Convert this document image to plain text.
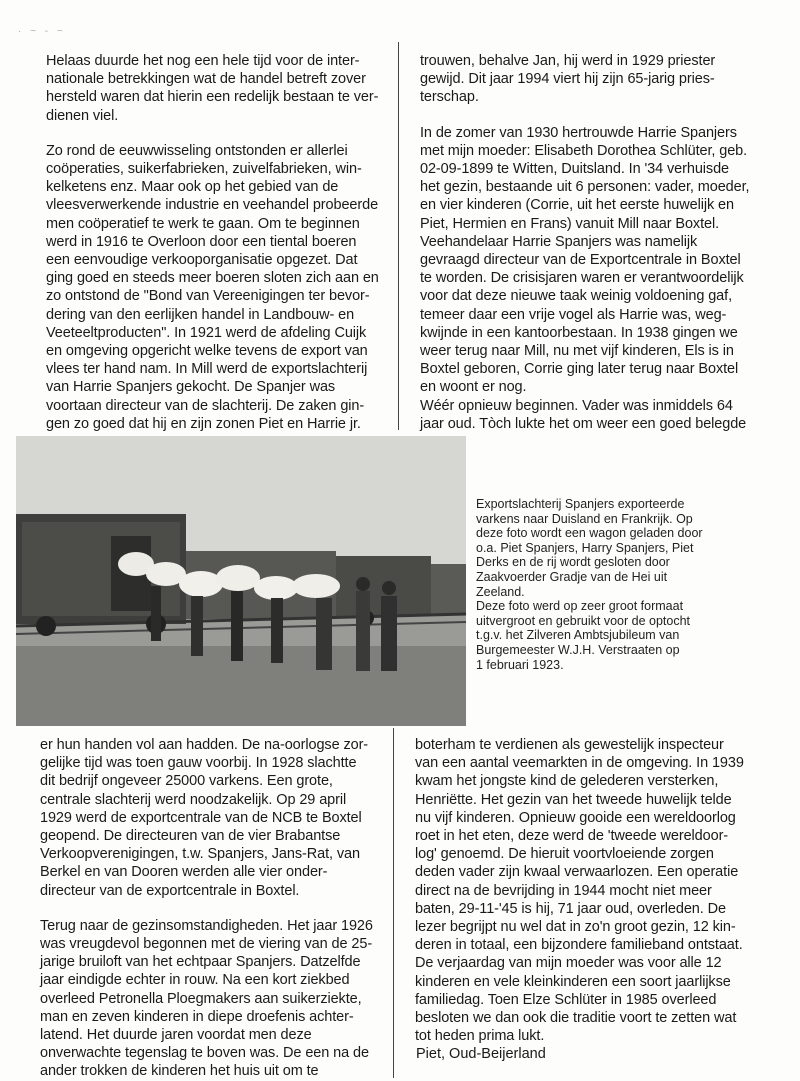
· ~ - ~

Helaas duurde het nog een hele tijd voor de inter-
nationale betrekkingen wat de handel betreft zover
hersteld waren dat hierin een redelijk bestaan te ver-
dienen viel.

Zo rond de eeuwwisseling ontstonden er allerlei
coöperaties, suikerfabrieken, zuivelfabrieken, win-
kelketens enz. Maar ook op het gebied van de
vleesverwerkende industrie en veehandel probeerde
men coöperatief te werk te gaan. Om te beginnen
werd in 1916 te Overloon door een tiental boeren
een eenvoudige verkooporganisatie opgezet. Dat
ging goed en steeds meer boeren sloten zich aan en
zo ontstond de "Bond van Vereenigingen ter bevor-
dering van den eerlijken handel in Landbouw- en
Veeteeltproducten". In 1921 werd de afdeling Cuijk
en omgeving opgericht welke tevens de export van
vlees ter hand nam. In Mill werd de exportslachterij
van Harrie Spanjers gekocht. De Spanjer was
voortaan directeur van de slachterij. De zaken gin-
gen zo goed dat hij en zijn zonen Piet en Harrie jr.

trouwen, behalve Jan, hij werd in 1929 priester
gewijd. Dit jaar 1994 viert hij zijn 65-jarig pries-
terschap.

In de zomer van 1930 hertrouwde Harrie Spanjers
met mijn moeder: Elisabeth Dorothea Schlüter, geb.
02-09-1899 te Witten, Duitsland. In '34 verhuisde
het gezin, bestaande uit 6 personen: vader, moeder,
en vier kinderen (Corrie, uit het eerste huwelijk en
Piet, Hermien en Frans) vanuit Mill naar Boxtel.
Veehandelaar Harrie Spanjers was namelijk
gevraagd directeur van de Exportcentrale in Boxtel
te worden. De crisisjaren waren er verantwoordelijk
voor dat deze nieuwe taak weinig voldoening gaf,
temeer daar een vrije vogel als Harrie was, weg-
kwijnde in een kantoorbestaan. In 1938 gingen we
weer terug naar Mill, nu met vijf kinderen, Els is in
Boxtel geboren, Corrie ging later terug naar Boxtel
en woont er nog.
Wéér opnieuw beginnen. Vader was inmiddels 64
jaar oud. Tòch lukte het om weer een goed belegde

Exportslachterij Spanjers exporteerde
varkens naar Duisland en Frankrijk. Op
deze foto wordt een wagon geladen door
o.a. Piet Spanjers, Harry Spanjers, Piet
Derks en de rij wordt gesloten door
Zaakvoerder Gradje van de Hei uit
Zeeland.
Deze foto werd op zeer groot formaat
uitvergroot en gebruikt voor de optocht
t.g.v. het Zilveren Ambtsjubileum van
Burgemeester W.J.H. Verstraaten op
1 februari 1923.

er hun handen vol aan hadden. De na-oorlogse zor-
gelijke tijd was toen gauw voorbij. In 1928 slachtte
dit bedrijf ongeveer 25000 varkens. Een grote,
centrale slachterij werd noodzakelijk. Op 29 april
1929 werd de exportcentrale van de NCB te Boxtel
geopend. De directeuren van de vier Brabantse
Verkoopverenigingen, t.w. Spanjers, Jans-Rat, van
Berkel en van Dooren werden alle vier onder-
directeur van de exportcentrale in Boxtel.

Terug naar de gezinsomstandigheden. Het jaar 1926
was vreugdevol begonnen met de viering van de 25-
jarige bruiloft van het echtpaar Spanjers. Datzelfde
jaar eindigde echter in rouw. Na een kort ziekbed
overleed Petronella Ploegmakers aan suikerziekte,
man en zeven kinderen in diepe droefenis achter-
latend. Het duurde jaren voordat men deze
onverwachte tegenslag te boven was. De een na de
ander trokken de kinderen het huis uit om te

boterham te verdienen als gewestelijk inspecteur
van een aantal veemarkten in de omgeving. In 1939
kwam het jongste kind de gelederen versterken,
Henriëtte. Het gezin van het tweede huwelijk telde
nu vijf kinderen. Opnieuw gooide een wereldoorlog
roet in het eten, deze werd de 'tweede wereldoor-
log' genoemd. De hieruit voortvloeiende zorgen
deden vader zijn kwaal verwaarlozen. Een operatie
direct na de bevrijding in 1944 mocht niet meer
baten, 29-11-'45 is hij, 71 jaar oud, overleden. De
lezer begrijpt nu wel dat in zo'n groot gezin, 12 kin-
deren in totaal, een bijzondere familieband ontstaat.
De verjaardag van mijn moeder was voor alle 12
kinderen en vele kleinkinderen een soort jaarlijkse
familiedag. Toen Elze Schlüter in 1985 overleed
besloten we dan ook die traditie voort te zetten wat
tot heden prima lukt.

Piet, Oud-Beijerland
